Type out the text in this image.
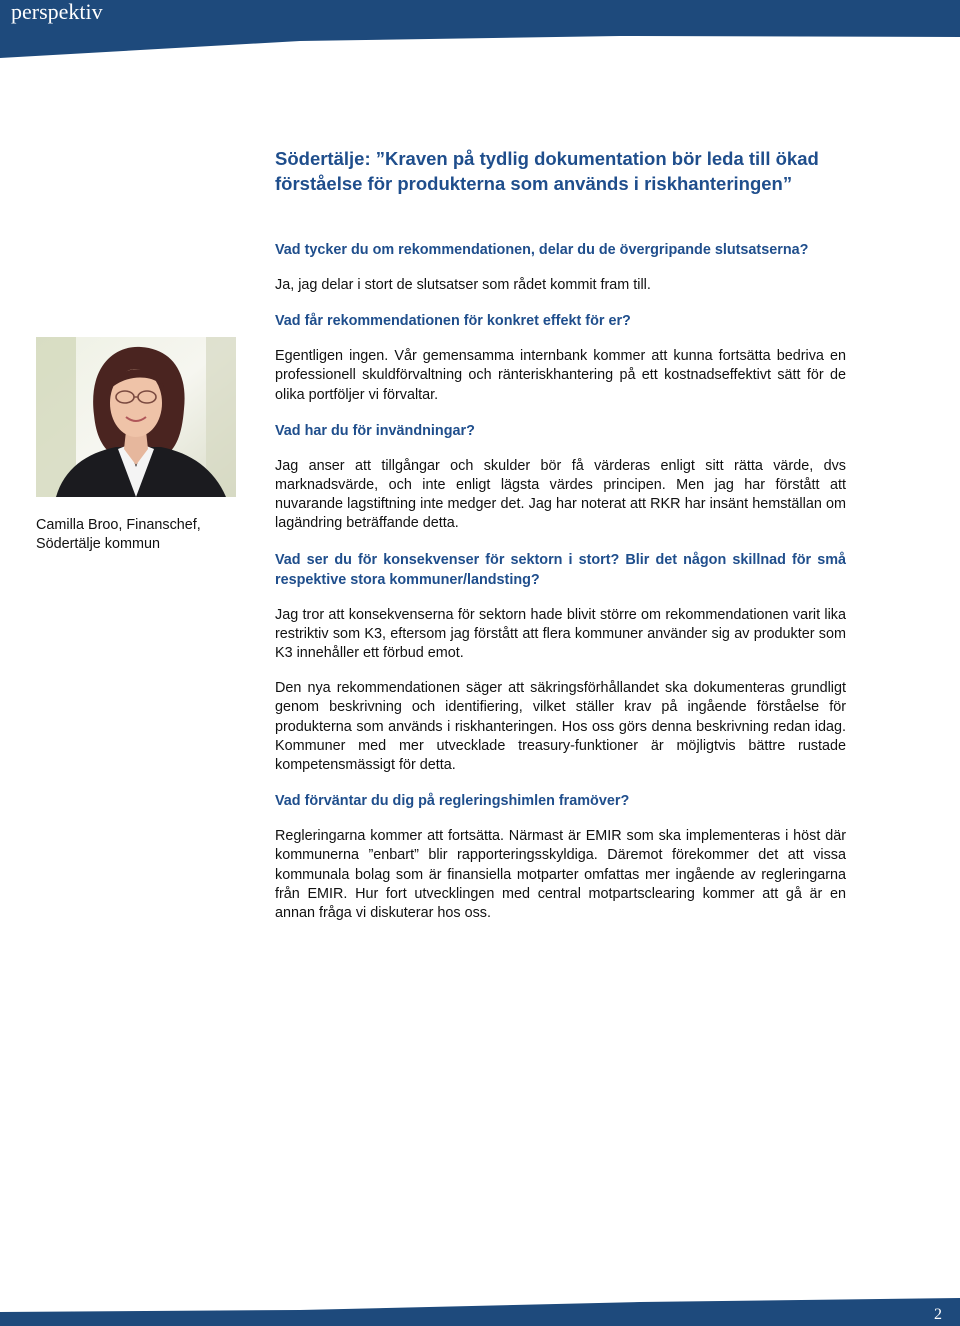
perspektiv

Södertälje: ”Kraven på tydlig dokumentation bör leda till ökad
förståelse för produkterna som används i riskhanteringen”

Camilla Broo, Finanschef,
Södertälje kommun

Vad tycker du om rekommendationen, delar du de övergripande slutsatserna?

Ja, jag delar i stort de slutsatser som rådet kommit fram till.

Vad får rekommendationen för konkret effekt för er?

Egentligen ingen. Vår gemensamma internbank kommer att kunna fortsätta bedriva en professionell skuldförvaltning och ränteriskhantering på ett kostnadseffektivt sätt för de olika portföljer vi förvaltar.

Vad har du för invändningar?

Jag anser att tillgångar och skulder bör få värderas enligt sitt rätta värde, dvs marknadsvärde, och inte enligt lägsta värdes principen. Men jag har förstått att nuvarande lagstiftning inte medger det. Jag har noterat att RKR har insänt hemställan om lagändring beträffande detta.

Vad ser du för konsekvenser för sektorn i stort? Blir det någon skillnad för små respektive stora kommuner/landsting?

Jag tror att konsekvenserna för sektorn hade blivit större om rekommendationen varit lika restriktiv som K3, eftersom jag förstått att flera kommuner använder sig av produkter som K3 innehåller ett förbud emot.

Den nya rekommendationen säger att säkringsförhållandet ska dokumenteras grundligt genom beskrivning och identifiering, vilket ställer krav på ingående förståelse för produkterna som används i riskhanteringen. Hos oss görs denna beskrivning redan idag. Kommuner med mer utvecklade treasury-funktioner är möjligtvis bättre rustade kompetensmässigt för detta.

Vad förväntar du dig på regleringshimlen framöver?

Regleringarna kommer att fortsätta. Närmast är EMIR som ska implementeras i höst där kommunerna ”enbart” blir rapporteringsskyldiga. Däremot förekommer det att vissa kommunala bolag som är finansiella motparter omfattas mer ingående av regleringarna från EMIR. Hur fort utvecklingen med central motpartsclearing kommer att gå är en annan fråga vi diskuterar hos oss.

2
